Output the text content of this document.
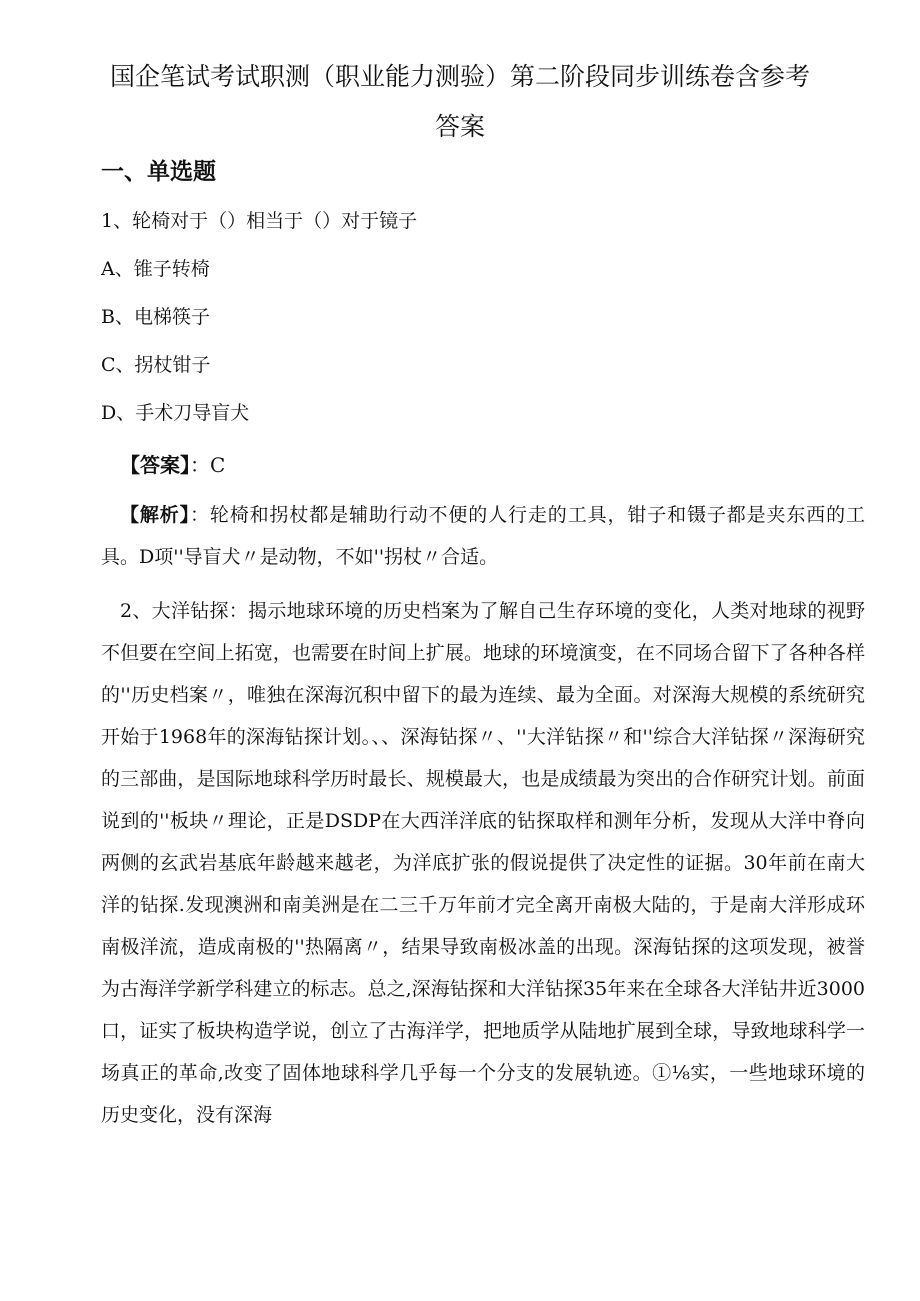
国企笔试考试职测（职业能力测验）第二阶段同步训练卷含参考答案
一、单选题
1、轮椅对于（）相当于（）对于镜子
A、锥子转椅
B、电梯筷子
C、拐杖钳子
D、手术刀导盲犬
【答案】：C
【解析】：轮椅和拐杖都是辅助行动不便的人行走的工具，钳子和镊子都是夹东西的工具。D项''导盲犬〃是动物，不如''拐杖〃合适。
2、大洋钻探：揭示地球环境的历史档案为了解自己生存环境的变化，人类对地球的视野不但要在空间上拓宽，也需要在时间上扩展。地球的环境演变，在不同场合留下了各种各样的''历史档案〃，唯独在深海沉积中留下的最为连续、最为全面。对深海大规模的系统研究开始于1968年的深海钻探计划。、、深海钻探〃、''大洋钻探〃和''综合大洋钻探〃深海研究的三部曲，是国际地球科学历时最长、规模最大，也是成绩最为突出的合作研究计划。前面说到的''板块〃理论，正是DSDP在大西洋洋底的钻探取样和测年分析，发现从大洋中脊向两侧的玄武岩基底年龄越来越老，为洋底扩张的假说提供了决定性的证据。30年前在南大洋的钻探.发现澳洲和南美洲是在二三千万年前才完全离开南极大陆的，于是南大洋形成环南极洋流，造成南极的''热隔离〃，结果导致南极冰盖的出现。深海钻探的这项发现，被誉为古海洋学新学科建立的标志。总之,深海钻探和大洋钻探35年来在全球各大洋钻井近3000口，证实了板块构造学说，创立了古海洋学，把地质学从陆地扩展到全球，导致地球科学一场真正的革命,改变了固体地球科学几乎每一个分支的发展轨迹。①⅛实，一些地球环境的历史变化，没有深海
